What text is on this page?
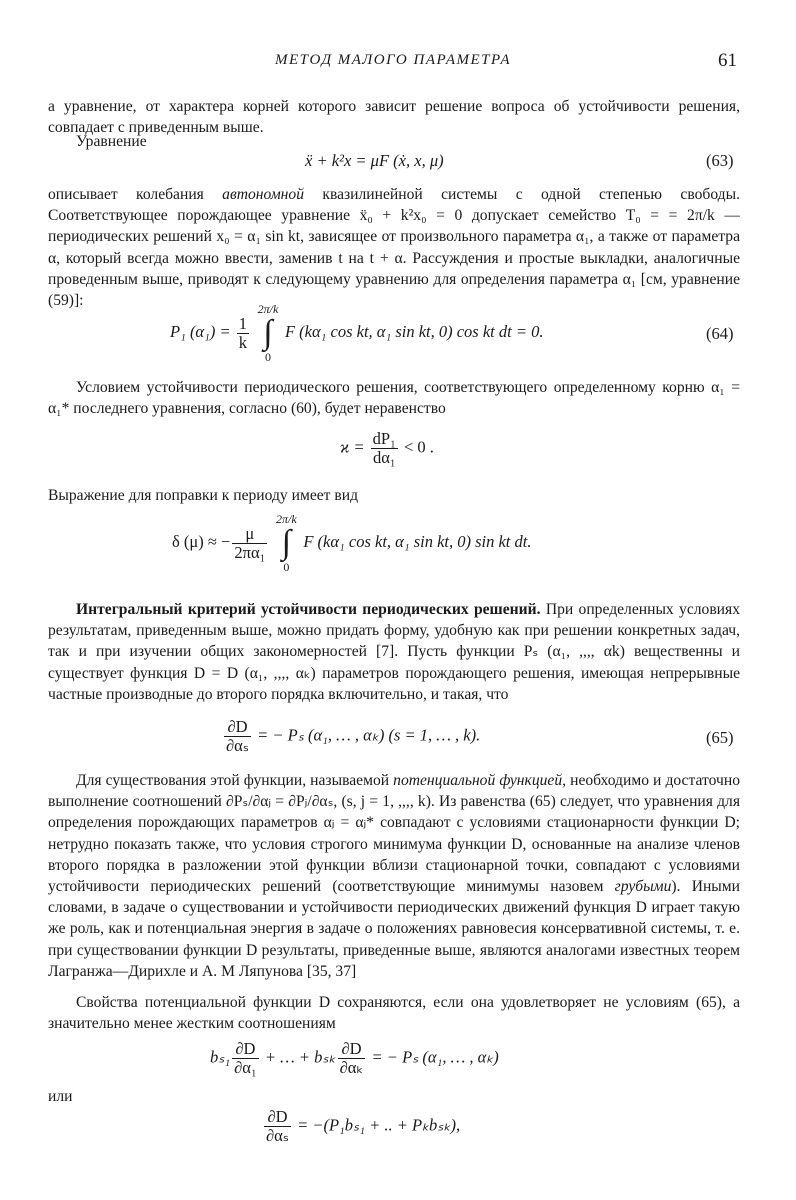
МЕТОД МАЛОГО ПАРАМЕТРА	61

а уравнение, от характера корней которого зависит решение вопроса об устойчивости решения, совпадает с приведенным выше.

Уравнение

ẍ + k²x = μF (ẋ, x, μ)	(63)

описывает колебания автономной квазилинейной системы с одной степенью свободы. Соответствующее порождающее уравнение ẍ₀ + k²x₀ = 0 допускает семейство T₀ = = 2π/k — периодических решений x₀ = α₁ sin kt, зависящее от произвольного параметра α₁, а также от параметра α, который всегда можно ввести, заменив t на t + α. Рассуждения и простые выкладки, аналогичные проведенным выше, приводят к следующему уравнению для определения параметра α₁ [см, уравнение (59)]:

P₁ $(\alpha_1) = \frac{1}{k}$
2π/k
∫
0
F (kα₁ cos kt, α₁ sin kt, 0) cos kt dt = 0.	(64)

Условием устойчивости периодического решения, соответствующего определенному корню α₁ = α₁* последнего уравнения, согласно (60), будет неравенство

$ϰ = \frac{\text{dP₁}}{\text{dα₁}} < 0$ .

Выражение для поправки к периоду имеет вид

δ (μ) ≈ − $\frac{\mu}{\text{2πα₁}}$
2π/k
∫
0
F (kα₁ cos kt, α₁ sin kt, 0) sin kt dt.

Интегральный критерий устойчивости периодических решений. При определенных условиях результатам, приведенным выше, можно придать форму, удобную как при решении конкретных задач, так и при изучении общих закономерностей [7]. Пусть функции Pₛ (α₁, ,,,, αk) вещественны и существует функция D = D (α₁, ,,,, αₖ) параметров порождающего решения, имеющая непрерывные частные производные до второго порядка включительно, и такая, что

$\frac{\partial D}{\text{∂αₛ}}$ = − Pₛ (α₁, … , αₖ) (s = 1, … , k).	(65)

Для существования этой функции, называемой потенциальной функцией, необходимо и достаточно выполнение соотношений ∂Pₛ/∂αⱼ = ∂Pⱼ/∂αₛ, (s, j = 1, ,,,, k). Из равенства (65) следует, что уравнения для определения порождающих параметров αⱼ = αⱼ* совпадают с условиями стационарности функции D; нетрудно показать также, что условия строгого минимума функции D, основанные на анализе членов второго порядка в разложении этой функции вблизи стационарной точки, совпадают с условиями устойчивости периодических решений (соответствующие минимумы назовем грубыми). Иными словами, в задаче о существовании и устойчивости периодических движений функция D играет такую же роль, как и потенциальная энергия в задаче о положениях равновесия консервативной системы, т. е. при существовании функции D результаты, приведенные выше, являются аналогами известных теорем Лагранжа—Дирихле и А. М Ляпунова [35, 37]

Свойства потенциальной функции D сохраняются, если она удовлетворяет не условиям (65), а значительно менее жестким соотношениям

$b_{s1} \frac{\partial D}{\text{∂α₁}}$ + … + bₛₖ $\frac{\partial D}{\text{∂αₖ}}$ = − Pₛ (α₁, … , αₖ)

или

$\frac{\partial D}{\text{∂αₛ}} = -(P_1b_{s1}$ + .. + Pₖbₛₖ),
